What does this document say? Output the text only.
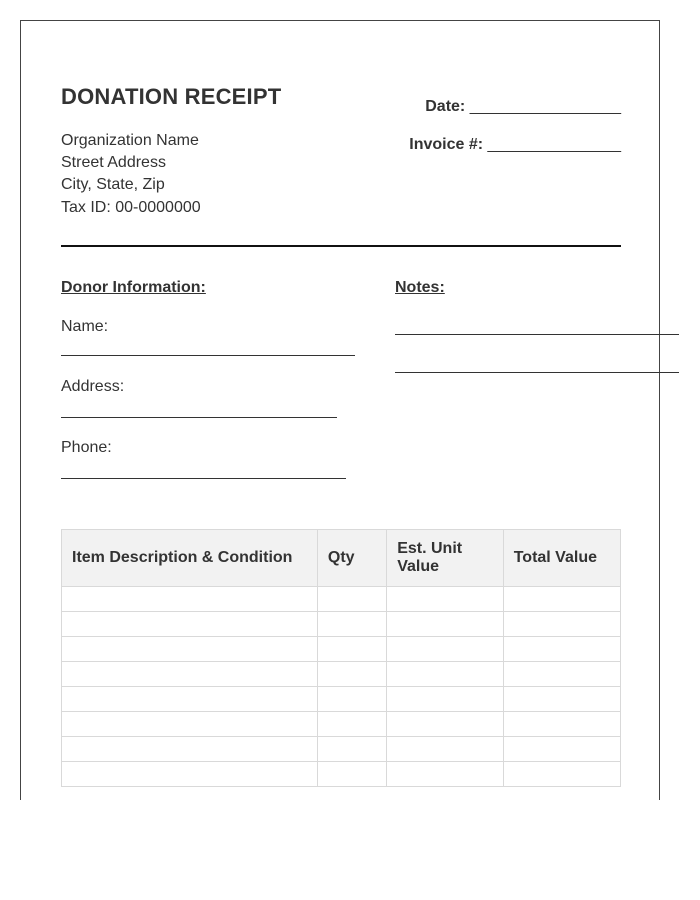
DONATION RECEIPT
Organization Name
Street Address
City, State, Zip
Tax ID: 00-0000000
Date: _________________
Invoice #: _______________
Donor Information:	Notes:
Name:
Address:
Phone:
Item Description & Condition	Qty	Est. Unit Value	Total Value
